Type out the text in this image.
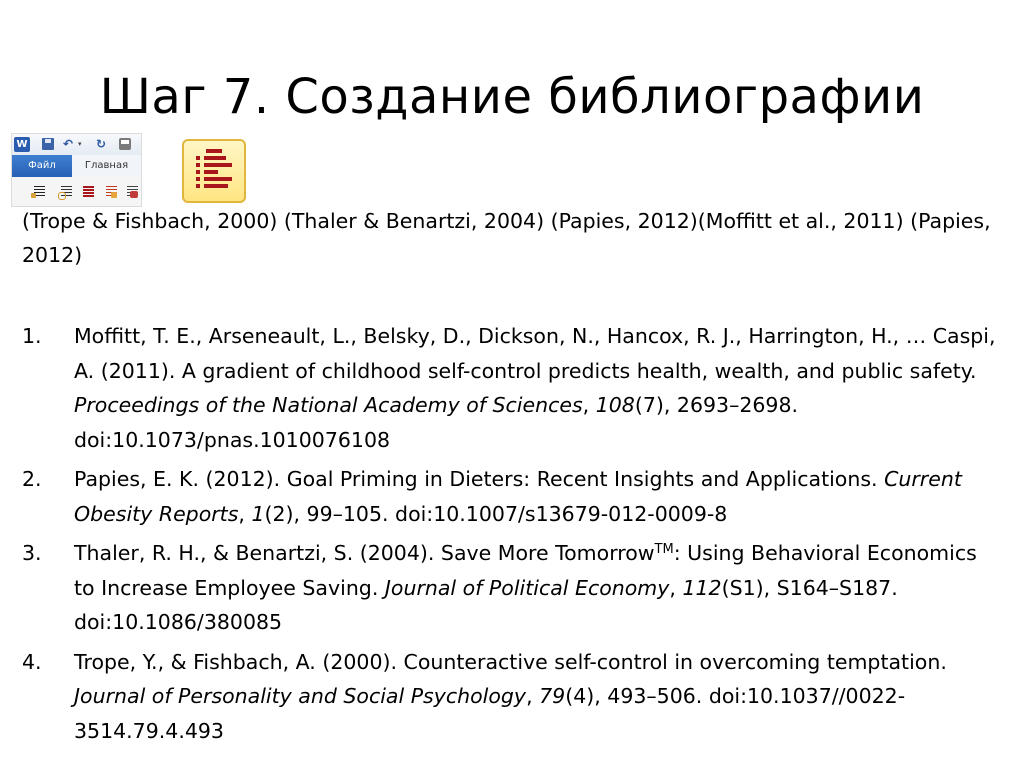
Шаг 7. Создание библиографии
W	↶ ▾ ↻
Файл	Главная
(Trope & Fishbach, 2000) (Thaler & Benartzi, 2004) (Papies, 2012)(Moffitt et al., 2011) (Papies, 2012)
1. Moffitt, T. E., Arseneault, L., Belsky, D., Dickson, N., Hancox, R. J., Harrington, H., … Caspi, A. (2011). A gradient of childhood self-control predicts health, wealth, and public safety. Proceedings of the National Academy of Sciences, 108(7), 2693–2698. doi:10.1073/pnas.1010076108
2. Papies, E. K. (2012). Goal Priming in Dieters: Recent Insights and Applications. Current Obesity Reports, 1(2), 99–105. doi:10.1007/s13679-012-0009-8
3. Thaler, R. H., & Benartzi, S. (2004). Save More Tomorrow™: Using Behavioral Economics to Increase Employee Saving. Journal of Political Economy, 112(S1), S164–S187. doi:10.1086/380085
4. Trope, Y., & Fishbach, A. (2000). Counteractive self-control in overcoming temptation. Journal of Personality and Social Psychology, 79(4), 493–506. doi:10.1037//0022-3514.79.4.493
